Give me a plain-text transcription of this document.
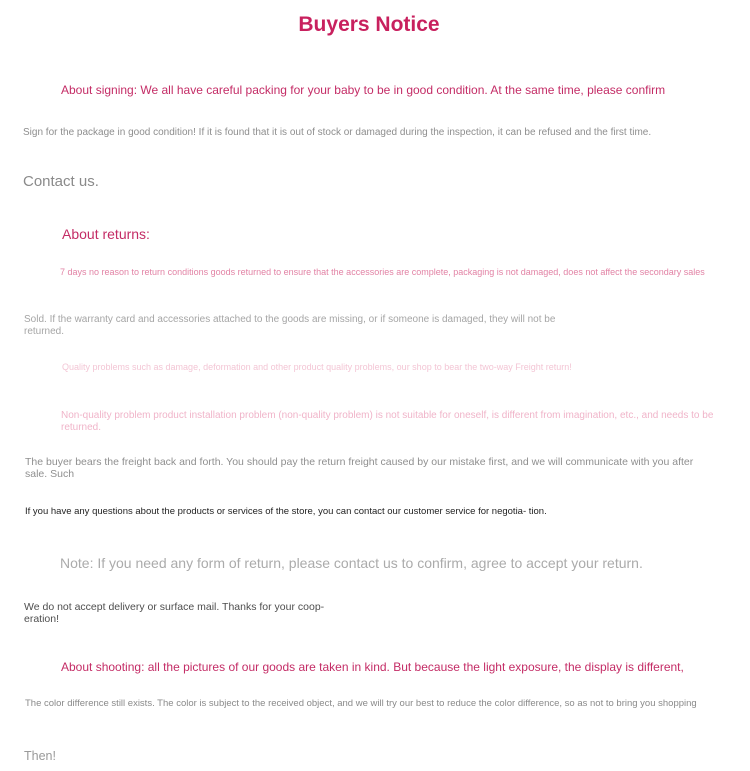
Buyers Notice

About signing: We all have careful packing for your baby to be in good condition. At the same time, please confirm

Sign for the package in good condition! If it is found that it is out of stock or damaged during the inspection, it can be refused and the first time.

Contact us.

About returns:

7 days no reason to return conditions goods returned to ensure that the accessories are complete, packaging is not damaged, does not affect the secondary sales

Sold. If the warranty card and accessories attached to the goods are missing, or if someone is damaged, they will not be returned.

Quality problems such as damage, deformation and other product quality problems, our shop to bear the two-way Freight return!

Non-quality problem product installation problem (non-quality problem) is not suitable for oneself, is different from imagination, etc., and needs to be returned.

The buyer bears the freight back and forth. You should pay the return freight caused by our mistake first, and we will communicate with you after sale. Such

If you have any questions about the products or services of the store, you can contact our customer service for negotia- tion.

Note: If you need any form of return, please contact us to confirm, agree to accept your return.

We do not accept delivery or surface mail. Thanks for your coop- eration!

About shooting: all the pictures of our goods are taken in kind. But because the light exposure, the display is different,

The color difference still exists. The color is subject to the received object, and we will try our best to reduce the color difference, so as not to bring you shopping

Then!
